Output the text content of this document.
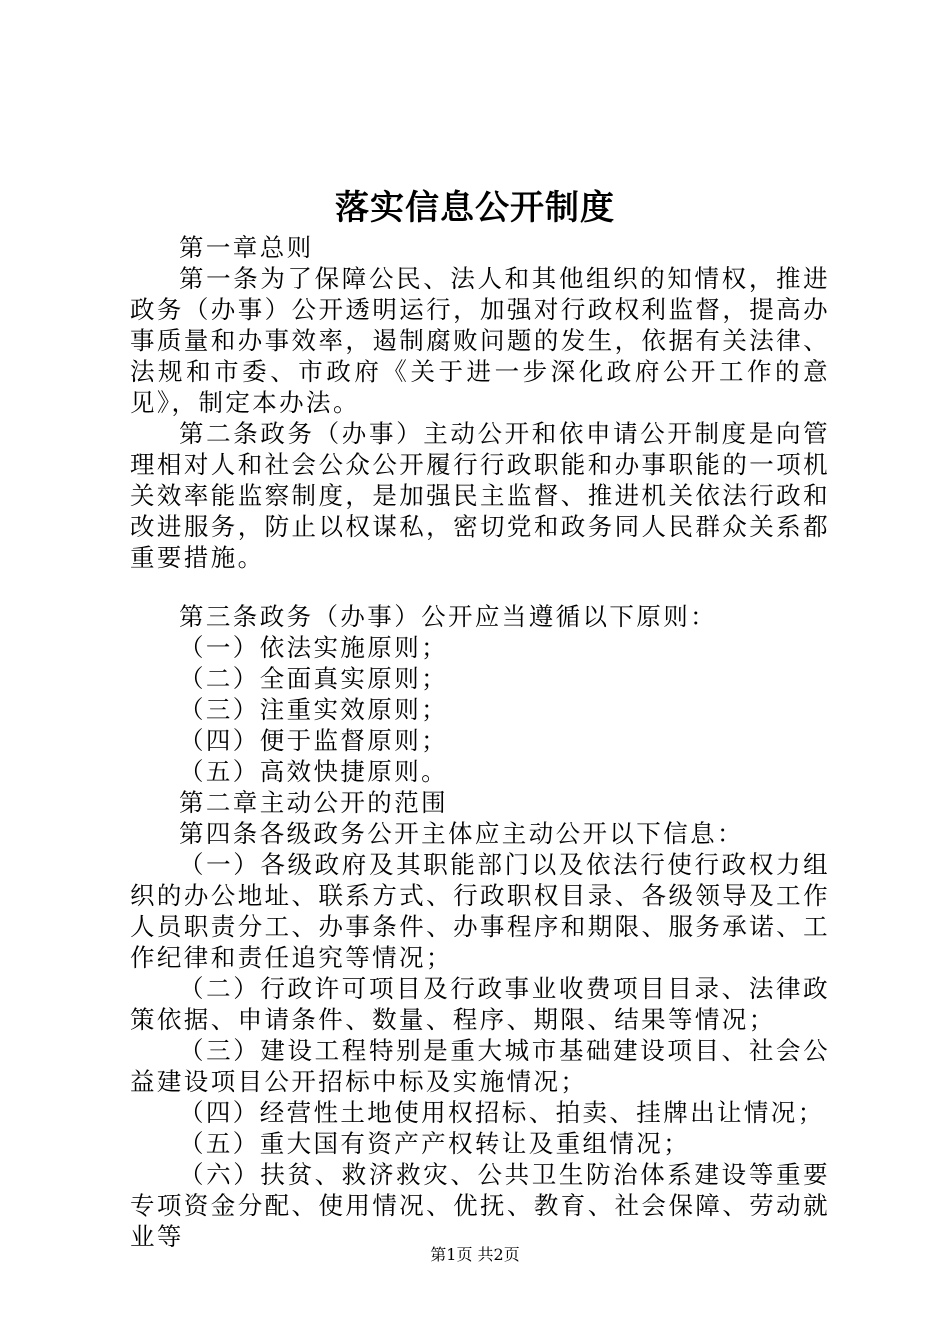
落实信息公开制度

第一章总则

第一条为了保障公民、法人和其他组织的知情权，推进政务（办事）公开透明运行，加强对行政权利监督，提高办事质量和办事效率，遏制腐败问题的发生，依据有关法律、法规和市委、市政府《关于进一步深化政府公开工作的意见》，制定本办法。

第二条政务（办事）主动公开和依申请公开制度是向管理相对人和社会公众公开履行行政职能和办事职能的一项机关效率能监察制度，是加强民主监督、推进机关依法行政和改进服务，防止以权谋私，密切党和政务同人民群众关系都重要措施。

第三条政务（办事）公开应当遵循以下原则：

（一）依法实施原则；

（二）全面真实原则；

（三）注重实效原则；

（四）便于监督原则；

（五）高效快捷原则。

第二章主动公开的范围

第四条各级政务公开主体应主动公开以下信息：

（一）各级政府及其职能部门以及依法行使行政权力组织的办公地址、联系方式、行政职权目录、各级领导及工作人员职责分工、办事条件、办事程序和期限、服务承诺、工作纪律和责任追究等情况；

（二）行政许可项目及行政事业收费项目目录、法律政策依据、申请条件、数量、程序、期限、结果等情况；

（三）建设工程特别是重大城市基础建设项目、社会公益建设项目公开招标中标及实施情况；

（四）经营性土地使用权招标、拍卖、挂牌出让情况；

（五）重大国有资产产权转让及重组情况；

（六）扶贫、救济救灾、公共卫生防治体系建设等重要专项资金分配、使用情况、优抚、教育、社会保障、劳动就业等

第1页 共2页
